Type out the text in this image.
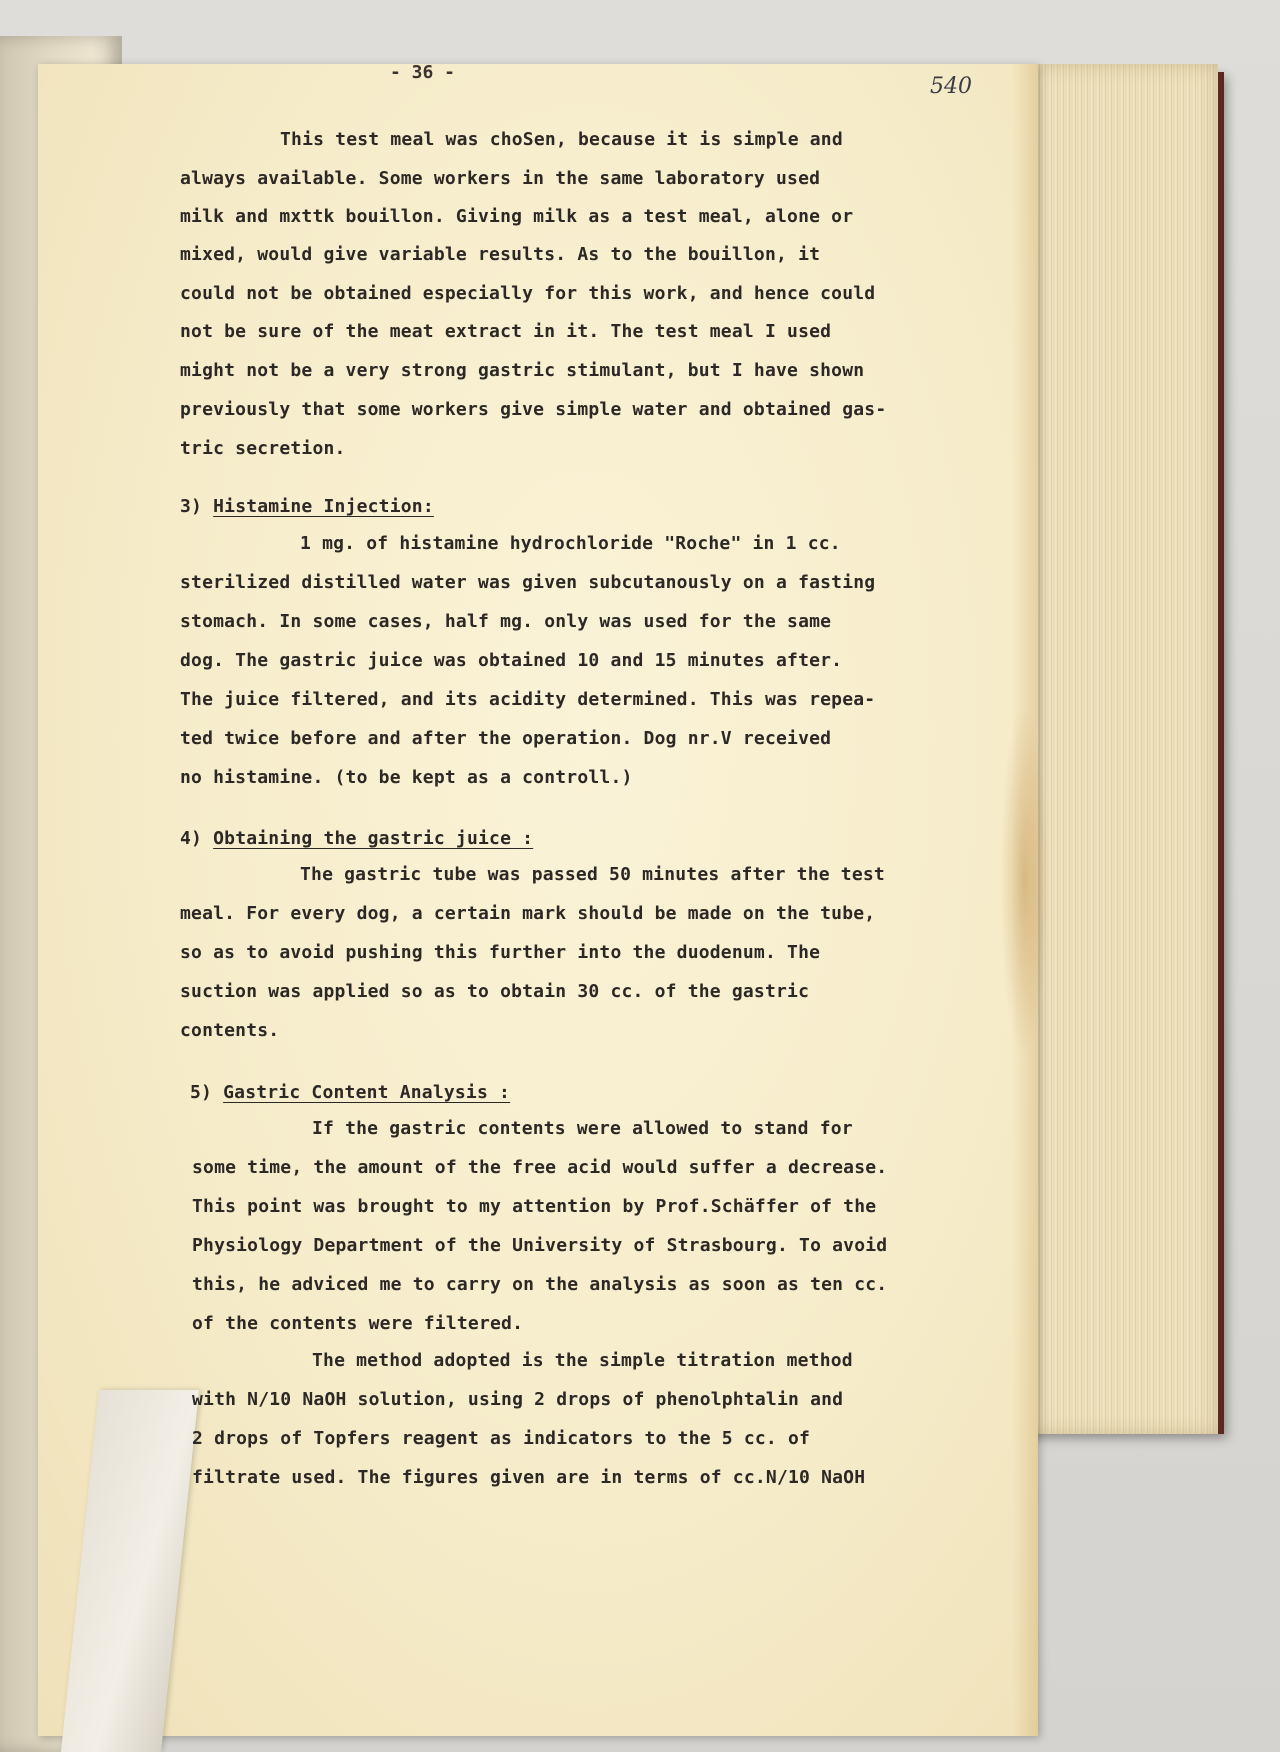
- 36 -
540
This test meal was choSen, because it is simple and
always available. Some workers in the same laboratory used
milk and mxttk bouillon. Giving milk as a test meal, alone or
mixed, would give variable results. As to the bouillon, it
could not be obtained especially for this work, and hence could
not be sure of the meat extract in it. The test meal I used
might not be a very strong gastric stimulant, but I have shown
previously that some workers give simple water and obtained gas-
tric secretion.
3) Histamine Injection:
1 mg. of histamine hydrochloride "Roche" in 1 cc.
sterilized distilled water was given subcutanously on a fasting
stomach. In some cases, half mg. only was used for the same
dog. The gastric juice was obtained 10 and 15 minutes after.
The juice filtered, and its acidity determined. This was repea-
ted twice before and after the operation. Dog nr.V received
no histamine. (to be kept as a controll.)
4) Obtaining the gastric juice :
The gastric tube was passed 50 minutes after the test
meal. For every dog, a certain mark should be made on the tube,
so as to avoid pushing this further into the duodenum. The
suction was applied so as to obtain 30 cc. of the gastric
contents.
5) Gastric Content Analysis :
If the gastric contents were allowed to stand for
some time, the amount of the free acid would suffer a decrease.
This point was brought to my attention by Prof.Schäffer of the
Physiology Department of the University of Strasbourg. To avoid
this, he adviced me to carry on the analysis as soon as ten cc.
of the contents were filtered.
The method adopted is the simple titration method
with N/10 NaOH solution, using 2 drops of phenolphtalin and
2 drops of Topfers reagent as indicators to the 5 cc. of
filtrate used. The figures given are in terms of cc.N/10 NaOH
